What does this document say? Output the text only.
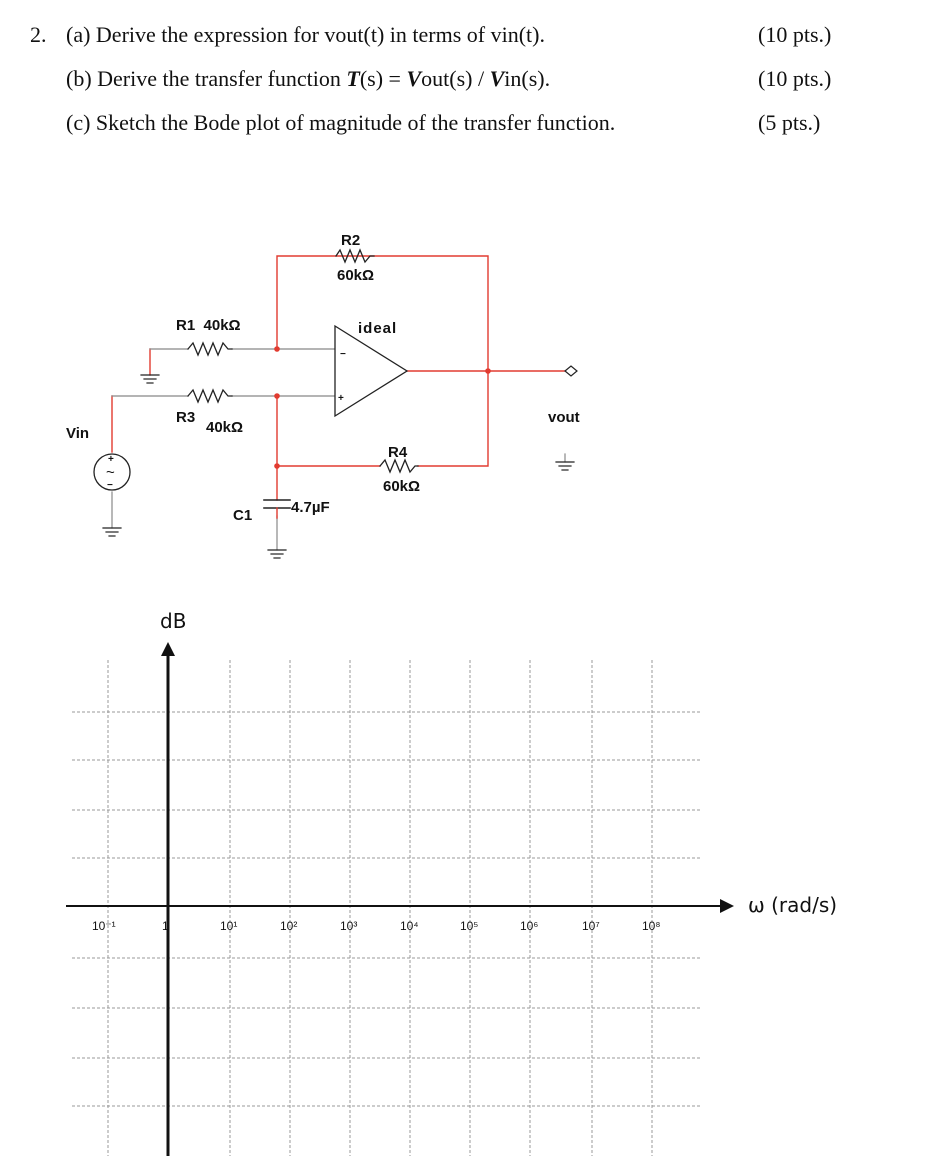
2. (a) Derive the expression for vout(t) in terms of vin(t).	(10 pts.)
(b) Derive the transfer function T(s) = Vout(s) / Vin(s).	(10 pts.)
(c) Sketch the Bode plot of magnitude of the transfer function.	(5 pts.)
R2
60kΩ
R1  40kΩ
R3
40kΩ
ideal
−
+
vout
Vin
+
−
~
R4
60kΩ
C1	4.7µF
dB
ω (rad/s)
10⁻¹	1	10¹	10²	10³	10⁴	10⁵	10⁶	10⁷	10⁸
